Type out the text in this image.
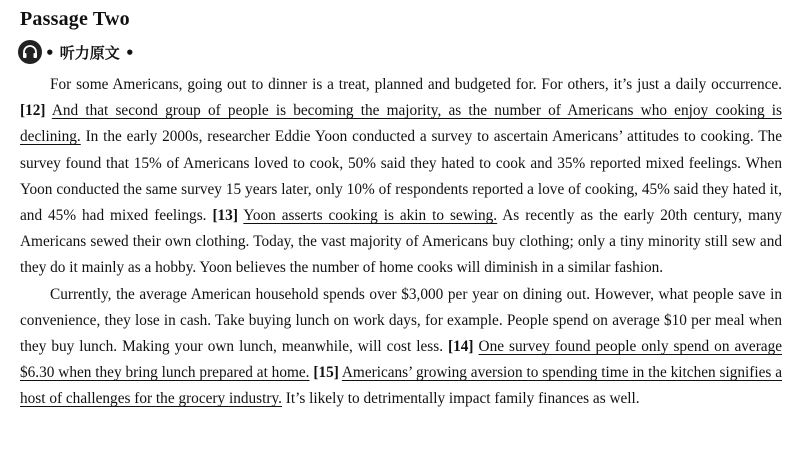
Passage Two
• 听力原文 •

For some Americans, going out to dinner is a treat, planned and budgeted for. For others, it’s just a daily occurrence. [12] And that second group of people is becoming the majority, as the number of Americans who enjoy cooking is declining. In the early 2000s, researcher Eddie Yoon conducted a survey to ascertain Americans’ attitudes to cooking. The survey found that 15% of Americans loved to cook, 50% said they hated to cook and 35% reported mixed feelings. When Yoon conducted the same survey 15 years later, only 10% of respondents reported a love of cooking, 45% said they hated it, and 45% had mixed feelings. [13] Yoon asserts cooking is akin to sewing. As recently as the early 20th century, many Americans sewed their own clothing. Today, the vast majority of Americans buy clothing; only a tiny minority still sew and they do it mainly as a hobby. Yoon believes the number of home cooks will diminish in a similar fashion.

Currently, the average American household spends over $3,000 per year on dining out. However, what people save in convenience, they lose in cash. Take buying lunch on work days, for example. People spend on average $10 per meal when they buy lunch. Making your own lunch, meanwhile, will cost less. [14] One survey found people only spend on average $6.30 when they bring lunch prepared at home. [15] Americans’ growing aversion to spending time in the kitchen signifies a host of challenges for the grocery industry. It’s likely to detrimentally impact family finances as well.
